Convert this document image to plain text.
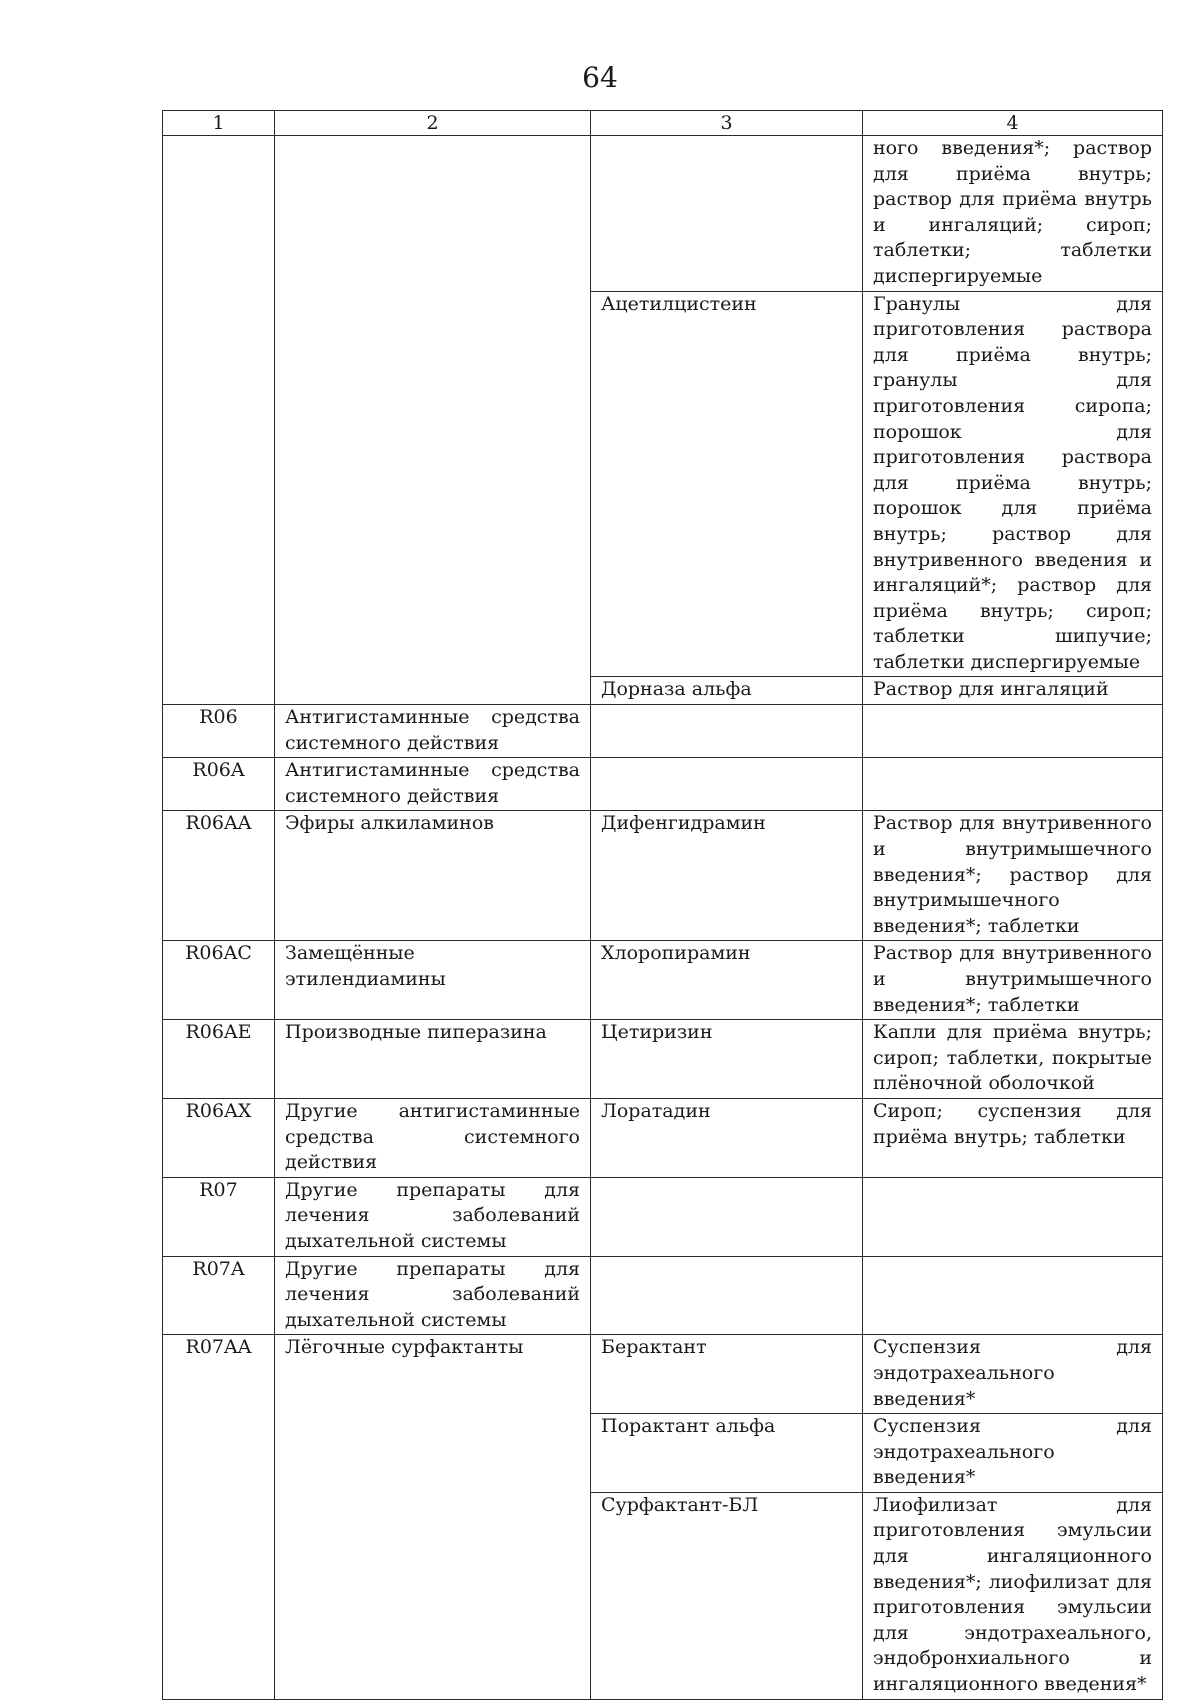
64
1	2	3	4
			ного введения*; раствор для приёма внутрь; раствор для приёма внутрь и ингаляций; сироп; таблетки; таблетки диспергируемые
		Ацетилцистеин	Гранулы для приготовления раствора для приёма внутрь; гранулы для приготовления сиропа; порошок для приготовления раствора для приёма внутрь; порошок для приёма внутрь; раствор для внутривенного введения и ингаляций*; раствор для приёма внутрь; сироп; таблетки шипучие; таблетки диспергируемые
		Дорназа альфа	Раствор для ингаляций
R06	Антигистаминные средства системного действия		
R06A	Антигистаминные средства системного действия		
R06AA	Эфиры алкиламинов	Дифенгидрамин	Раствор для внутривенного и внутримышечного введения*; раствор для внутримышечного введения*; таблетки
R06AC	Замещённые этилендиамины	Хлоропирамин	Раствор для внутривенного и внутримышечного введения*; таблетки
R06AE	Производные пиперазина	Цетиризин	Капли для приёма внутрь; сироп; таблетки, покрытые плёночной оболочкой
R06AX	Другие антигистаминные средства системного действия	Лоратадин	Сироп; суспензия для приёма внутрь; таблетки
R07	Другие препараты для лечения заболеваний дыхательной системы		
R07A	Другие препараты для лечения заболеваний дыхательной системы		
R07AA	Лёгочные сурфактанты	Берактант	Суспензия для эндотрахеального введения*
		Порактант альфа	Суспензия для эндотрахеального введения*
		Сурфактант-БЛ	Лиофилизат для приготовления эмульсии для ингаляционного введения*; лиофилизат для приготовления эмульсии для эндотрахеального, эндобронхиального и ингаляционного введения*
